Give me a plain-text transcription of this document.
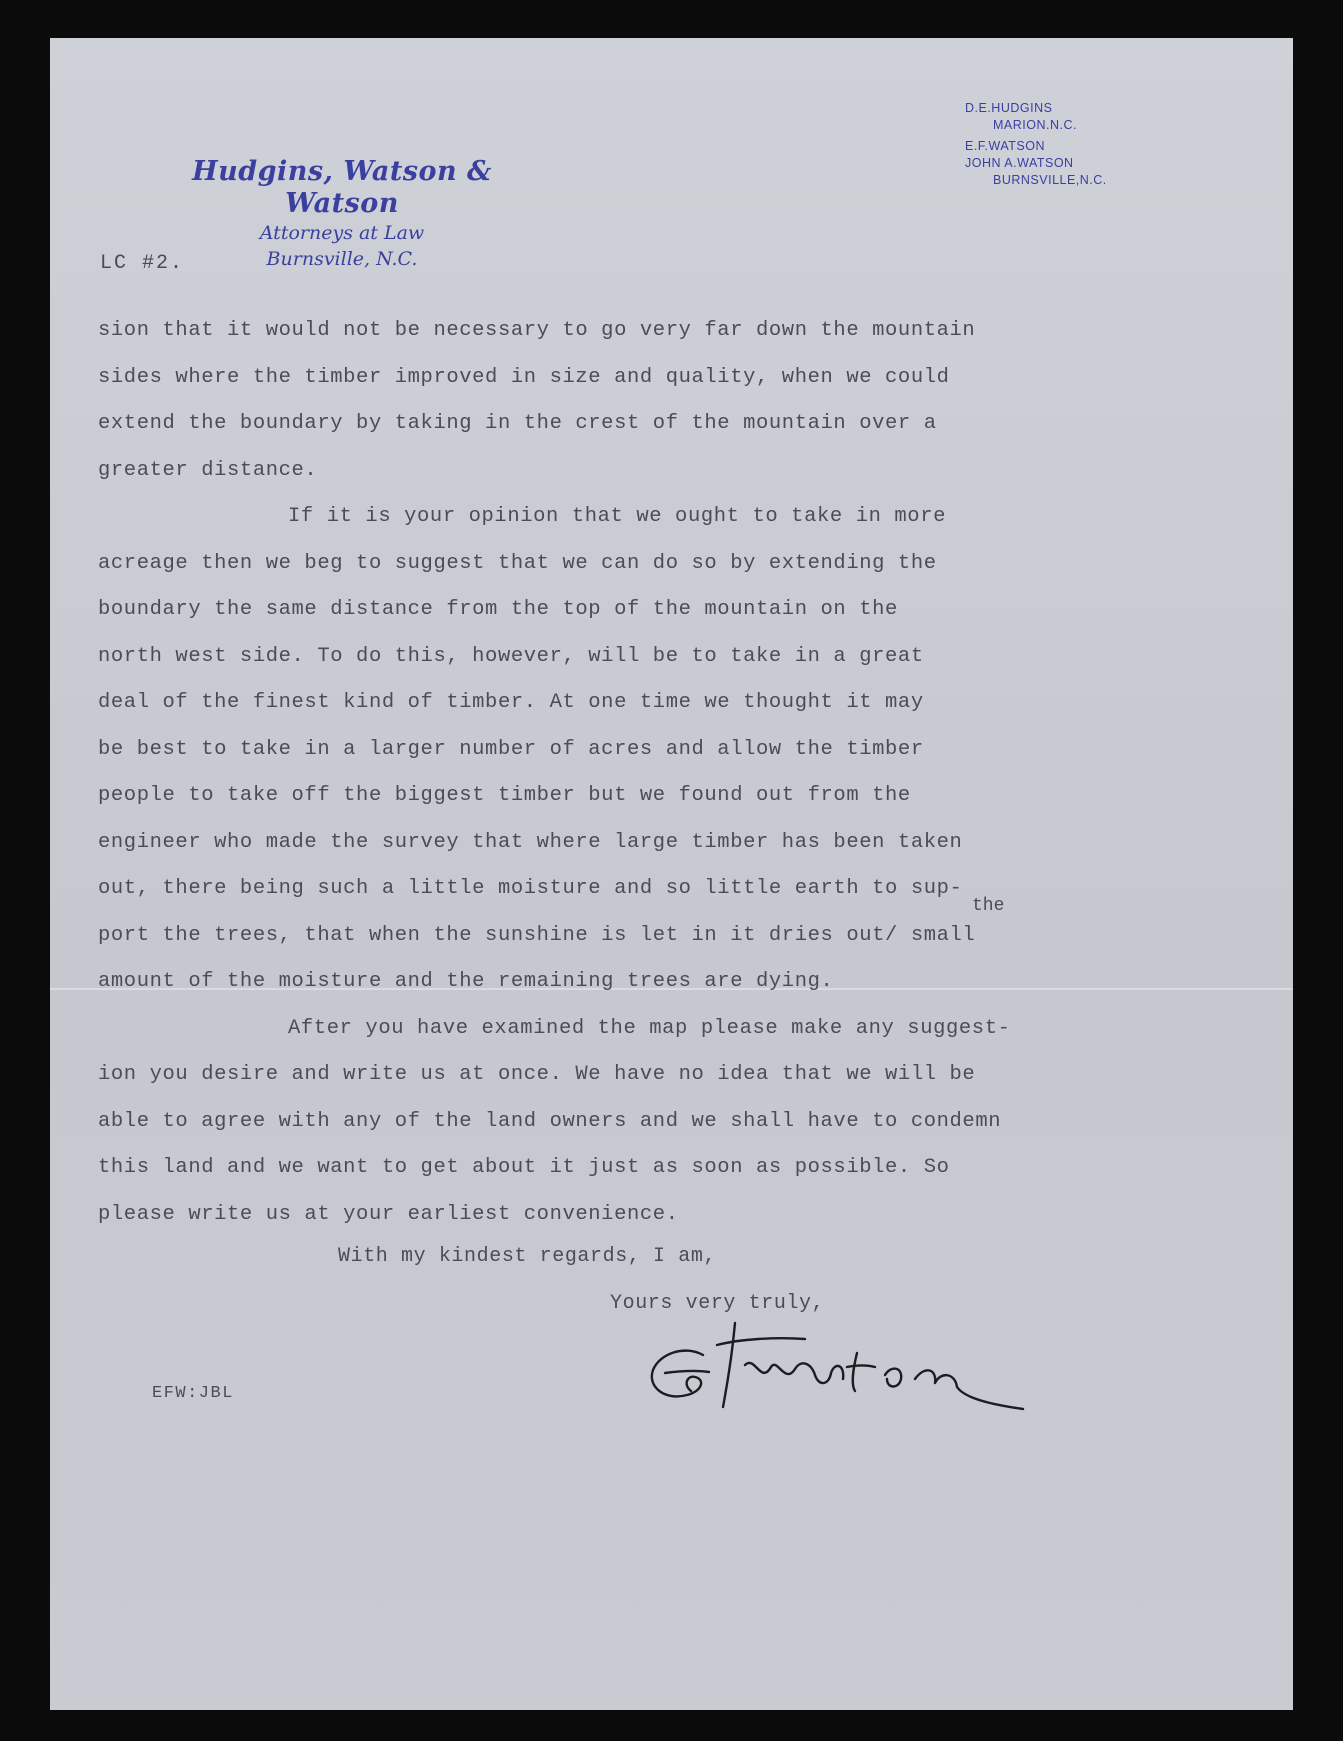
Hudgins, Watson & Watson
Attorneys at Law
Burnsville, N.C.
D.E.HUDGINS
MARION.N.C.
E.F.WATSON
JOHN A.WATSON
BURNSVILLE,N.C.
LC #2.
sion that it would not be necessary to go very far down the mountain
sides where the timber improved in size and quality, when we could
extend the boundary by taking in the crest of the mountain over a
greater distance.
If it is your opinion that we ought to take in more
acreage then we beg to suggest that we can do so by extending the
boundary the same distance from the top of the mountain on the
north west side. To do this, however, will be to take in a great
deal of the finest kind of timber. At one time we thought it may
be best to take in a larger number of acres and allow the timber
people to take off the biggest timber but we found out from the
engineer who made the survey that where large timber has been taken
out, there being such a little moisture and so little earth to sup-
port the trees, that when the sunshine is let in it dries out/ small
amount of the moisture and the remaining trees are dying.
After you have examined the map please make any suggest-
ion you desire and write us at once. We have no idea that we will be
able to agree with any of the land owners and we shall have to condemn
this land and we want to get about it just as soon as possible. So
please write us at your earliest convenience.
the
With my kindest regards, I am,
Yours very truly,
EFW:JBL
